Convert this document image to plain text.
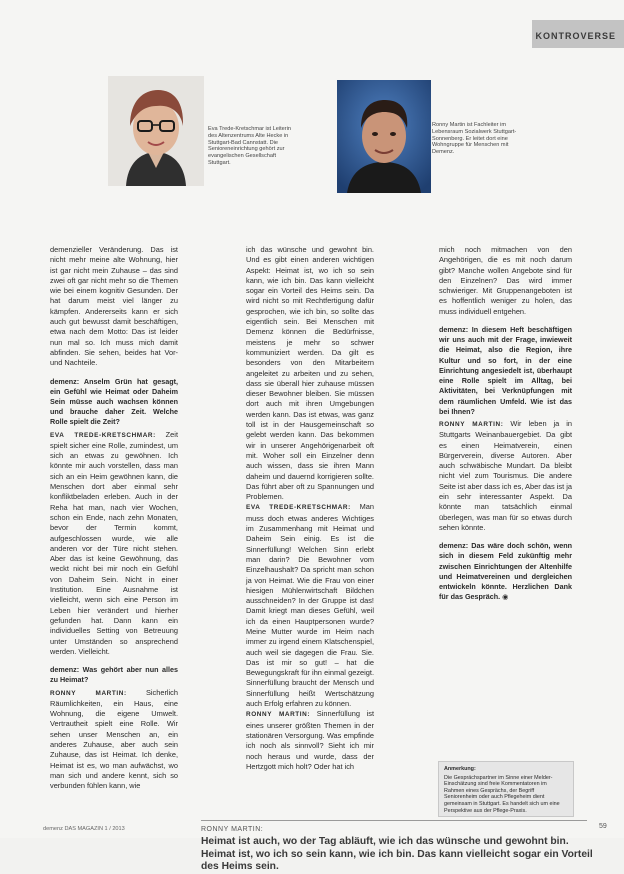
KONTROVERSE
Eva Trede-Kretschmar ist Leiterin des Altenzentrums Alte Hecke in Stuttgart-Bad Cannstatt. Die Senioreneinrichtung gehört zur evangelischen Gesellschaft Stuttgart.
Ronny Martin ist Fachleiter im Lebensraum Sozialwerk Stuttgart-Sonnenberg. Er leitet dort eine Wohngruppe für Menschen mit Demenz.

demenzieller Veränderung. Das ist nicht mehr meine alte Wohnung, hier ist gar nicht mein Zuhause – das sind zwei oft gar nicht mehr so die Themen wie bei einem kognitiv Gesunden. Der hat darum meist viel länger zu kämpfen. Andererseits kann er sich auch gut bewusst damit beschäftigen, etwa nach dem Motto: Das ist leider nun mal so. Ich muss mich damit abfinden. Sie sehen, beides hat Vor- und Nachteile.

demenz: Anselm Grün hat gesagt, ein Gefühl wie Heimat oder Daheim Sein müsse auch wachsen können und brauche daher Zeit. Welche Rolle spielt die Zeit?

EVA TREDE-KRETSCHMAR: Zeit spielt sicher eine Rolle, zumindest, um sich an etwas zu gewöhnen. Ich könnte mir auch vorstellen, dass man sich an ein Heim gewöhnen kann, die Menschen dort aber einmal sehr konfliktbeladen erleben. Auch in der Reha hat man, nach vier Wochen, schon ein Ende, nach zehn Monaten, bevor der Termin kommt, aufgeschlossen wurde, wie alle anderen vor der Türe nicht stehen. Aber das ist keine Gewöhnung, das weckt nicht bei mir noch ein Gefühl von Daheim Sein. Nicht in einer Institution. Eine Ausnahme ist vielleicht, wenn sich eine Person im Leben hier verändert und hierher gefunden hat. Dann kann ein individuelles Setting von Betreuung unter Umständen so ansprechend werden. Vielleicht.

demenz: Was gehört aber nun alles zu Heimat?

RONNY MARTIN:	Sicherlich Räumlichkeiten, ein Haus, eine Wohnung, die eigene Umwelt. Vertrautheit spielt eine Rolle. Wir sehen unser Menschen an, ein anderes Zuhause, aber auch sein Zuhause, das ist Heimat. Ich denke, Heimat ist es, wo man aufwächst, wo man sich und andere kennt, sich so verbunden fühlen kann, wie

ich das wünsche und gewohnt bin. Und es gibt einen anderen wichtigen Aspekt: Heimat ist, wo ich so sein kann, wie ich bin. Das kann vielleicht sogar ein Vorteil des Heims sein. Da wird nicht so mit Rechtfertigung dafür gesprochen, wie ich bin, so sollte das eigentlich sein. Bei Menschen mit Demenz können die Bedürfnisse, meistens je mehr so schwer kommuniziert werden. Da gilt es besonders von den Mitarbeitern angeleitet zu arbeiten und zu sehen, dass sie überall hier zuhause müssen dieser Bewohner bleiben. Sie müssen dort auch mit ihren Umgebungen werden kann. Das ist etwas, was ganz toll ist in der Hausgemeinschaft so gelebt werden kann. Das bekommen wir in unserer Angehörigenarbeit oft mit. Woher soll ein Einzelner denn auch wissen, dass sie ihren Mann daheim und dauernd korrigieren sollte. Das führt aber oft zu Spannungen und Problemen.

EVA TREDE-KRETSCHMAR: Man muss doch etwas anderes Wichtiges im Zusammenhang mit Heimat und Daheim Sein einig. Es ist die Sinnerfüllung! Welchen Sinn erlebt man darin? Die Bewohner vom Einzelhaushalt? Da spricht man schon ja von Heimat. Wie die Frau von einer hiesigen Mühlenwirtschaft Bildchen ausschneiden? In der Gruppe ist das! Damit kriegt man dieses Gefühl, weil ich da einen Hauptpersonen wurde? Meine Mutter wurde im Heim nach immer zu irgend einem Klatschenspiel, auch weil sie dagegen die Frau. Sie. Das ist mir so gut! – hat die Bewegungskraft für ihn einmal gezeigt. Sinnerfüllung braucht der Mensch und Sinnerfüllung heißt Wertschätzung auch Erfolg erfahren zu können.

RONNY MARTIN: Sinnerfüllung ist eines unserer größten Themen in der stationären Versorgung. Was empfinde ich noch als sinnvoll? Sieht ich mir noch heraus und wurde, dass der Hertzgott mich holt? Oder hat ich

mich noch mitmachen von den Angehörigen, die es mit noch darum gibt? Manche wollen Angebote sind für den Einzelnen? Das wird immer schwieriger. Mit Gruppenangeboten ist es hoffentlich weniger zu holen, das muss individuell entgehen.

demenz: In diesem Heft beschäftigen wir uns auch mit der Frage, inwieweit die Heimat, also die Region, ihre Kultur und so fort, in der eine Einrichtung angesiedelt ist, überhaupt eine Rolle spielt im Alltag, bei Aktivitäten, bei Verknüpfungen mit dem räumlichen Umfeld. Wie ist das bei Ihnen?

RONNY MARTIN: Wir leben ja in Stuttgarts Weinanbauergebiet. Da gibt es einen Heimatverein, einen Bürgerverein, diverse Autoren. Aber auch schwäbische Mundart. Da bleibt nicht viel zum Tourismus. Die andere Seite ist aber dass ich es, Aber das ist ja ein sehr interessanter Aspekt. Da könnte man tatsächlich einmal überlegen, was man für so etwas durch sehen könnte.

demenz: Das wäre doch schön, wenn sich in diesem Feld zukünftig mehr zwischen Einrichtungen der Altenhilfe und Heimatvereinen und dergleichen entwickeln könnte. Herzlichen Dank für das Gespräch. ◉

Anmerkung:

Die Gesprächspartner im Sinne einer Melder-Einschätzung sind freie Kommentatoren im Rahmen eines Gesprächs, der Begriff Seniorenheim oder auch Pflegeheim dient gemeinsam in Stuttgart. Es handelt sich um eine Perspektive aus der Pflege-Praxis.

RONNY MARTIN:
Heimat ist auch, wo der Tag abläuft, wie ich das wünsche und gewohnt bin. Heimat ist, wo ich so sein kann, wie ich bin. Das kann vielleicht sogar ein Vorteil des Heims sein.
demenz DAS MAGAZIN 1 / 2013	59
